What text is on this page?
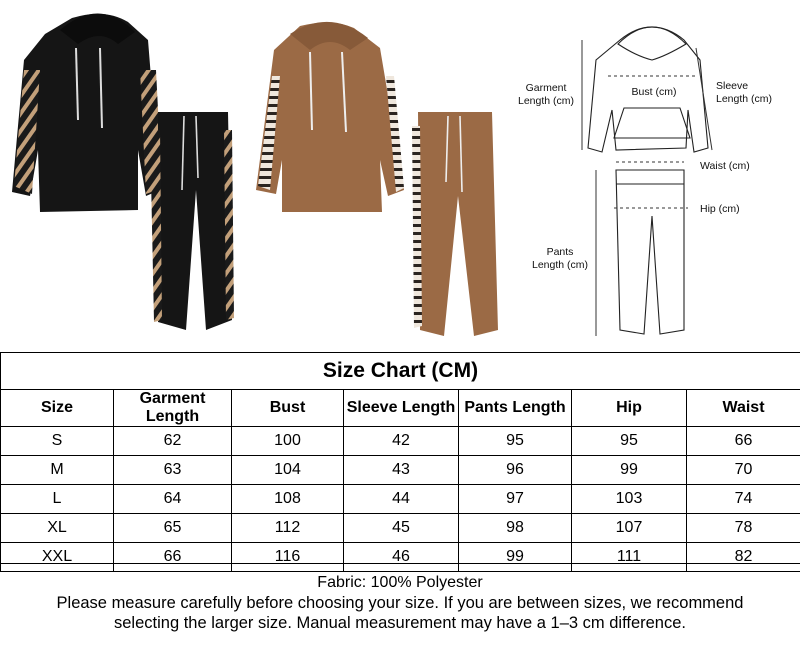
Garment
Length (cm)
Bust (cm)	Sleeve
Length (cm)
Waist (cm)
Hip (cm)
Pants
Length (cm)
Size Chart (CM)						
Size	Garment Length	Bust	Sleeve Length	Pants Length	Hip	Waist
S	62	100	42	95	95	66
M	63	104	43	96	99	70
L	64	108	44	97	103	74
XL	65	112	45	98	107	78
XXL	66	116	46	99	111	82
Fabric: 100% Polyester
Please measure carefully before choosing your size. If you are between sizes, we recommend selecting the larger size. Manual measurement may have a 1–3 cm difference.
